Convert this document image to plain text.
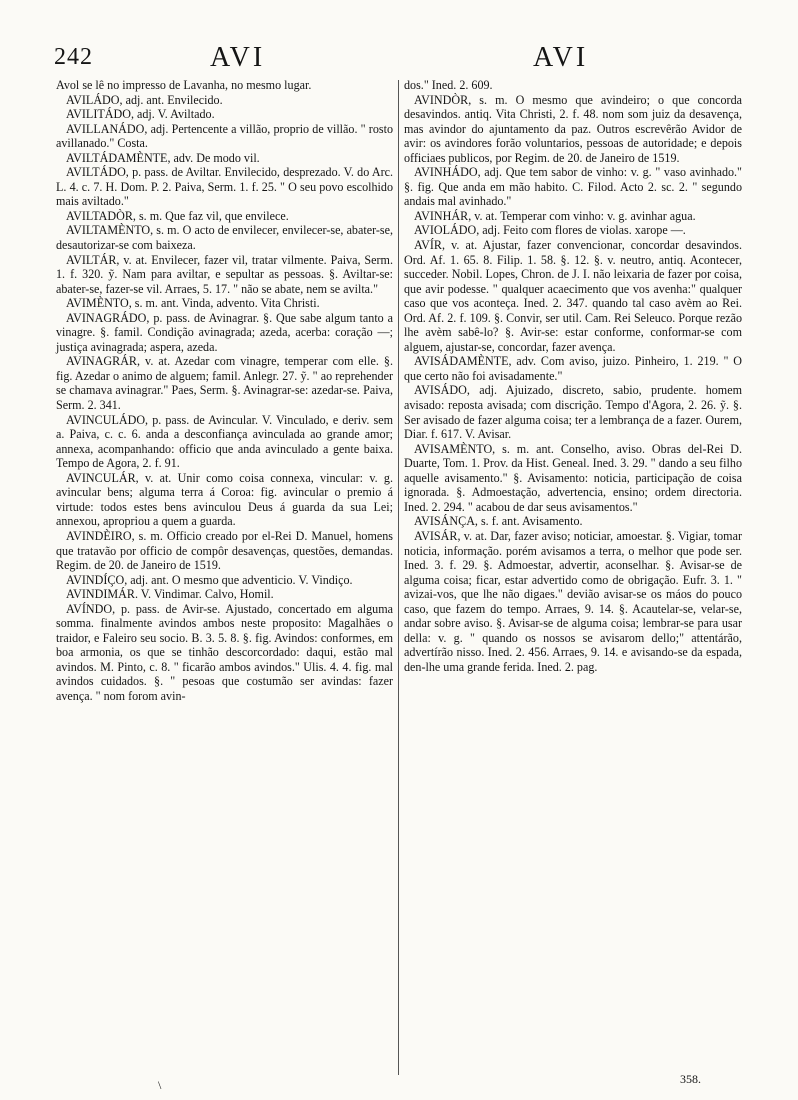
242	AVI	AVI

Avol se lê no impresso de Lavanha, no mesmo lugar.

AVILÁDO, adj. ant. Envilecido.

AVILITÁDO, adj. V. Aviltado.

AVILLANÁDO, adj. Pertencente a villão, proprio de villão. " rosto avillanado." Costa.

AVILTÁDAMÈNTE, adv. De modo vil.

AVILTÁDO, p. pass. de Aviltar. Envilecido, desprezado. V. do Arc. L. 4. c. 7. H. Dom. P. 2. Paiva, Serm. 1. f. 25. " O seu povo escolhido mais aviltado."

AVILTADÒR, s. m. Que faz vil, que envilece.

AVILTAMÈNTO, s. m. O acto de envilecer, envilecer-se, abater-se, desautorizar-se com baixeza.

AVILTÁR, v. at. Envilecer, fazer vil, tratar vilmente. Paiva, Serm. 1. f. 320. ỹ. Nam para aviltar, e sepultar as pessoas. §. Aviltar-se: abater-se, fazer-se vil. Arraes, 5. 17. " não se abate, nem se avilta."

AVIMÈNTO, s. m. ant. Vinda, advento. Vita Christi.

AVINAGRÁDO, p. pass. de Avinagrar. §. Que sabe algum tanto a vinagre. §. famil. Condição avinagrada; azeda, acerba: coração —; justiça avinagrada; aspera, azeda.

AVINAGRÁR, v. at. Azedar com vinagre, temperar com elle. §. fig. Azedar o animo de alguem; famil. Anlegr. 27. ỹ. " ao reprehender se chamava avinagrar." Paes, Serm. §. Avinagrar-se: azedar-se. Paiva, Serm. 2. 341.

AVINCULÁDO, p. pass. de Avincular. V. Vinculado, e deriv. sem a. Paiva, c. c. 6. anda a desconfiança avinculada ao grande amor; annexa, acompanhando: officio que anda avinculado a gente baixa. Tempo de Agora, 2. f. 91.

AVINCULÁR, v. at. Unir como coisa connexa, vincular: v. g. avincular bens; alguma terra á Coroa: fig. avincular o premio á virtude: todos estes bens avinculou Deus á guarda da sua Lei; annexou, apropriou a quem a guarda.

AVINDÈIRO, s. m. Officio creado por el-Rei D. Manuel, homens que tratavão por officio de compôr desavenças, questões, demandas. Regim. de 20. de Janeiro de 1519.

AVINDÍÇO, adj. ant. O mesmo que adventicio. V. Vindiço.

AVINDIMÁR. V. Vindimar. Calvo, Homil.

AVÍNDO, p. pass. de Avir-se. Ajustado, concertado em alguma somma. finalmente avindos ambos neste proposito: Magalhães o traidor, e Faleiro seu socio. B. 3. 5. 8. §. fig. Avindos: conformes, em boa armonia, os que se tinhão descorcordado: daqui, estão mal avindos. M. Pinto, c. 8. " ficarão ambos avindos." Ulis. 4. 4. fig. mal avindos cuidados. §. " pesoas que costumão ser avindas: fazer avença. " nom forom avin-

dos." Ined. 2. 609.

AVINDÒR, s. m. O mesmo que avindeiro; o que concorda desavindos. antiq. Vita Christi, 2. f. 48. nom som juiz da desavença, mas avindor do ajuntamento da paz. Outros escrevêrão Avidor de avir: os avindores forão voluntarios, pessoas de autoridade; e depois officiaes publicos, por Regim. de 20. de Janeiro de 1519.

AVINHÁDO, adj. Que tem sabor de vinho: v. g. " vaso avinhado." §. fig. Que anda em mão habito. C. Filod. Acto 2. sc. 2. " segundo andais mal avinhado."

AVINHÁR, v. at. Temperar com vinho: v. g. avinhar agua.

AVIOLÁDO, adj. Feito com flores de violas. xarope —.

AVÍR, v. at. Ajustar, fazer convencionar, concordar desavindos. Ord. Af. 1. 65. 8. Filip. 1. 58. §. 12. §. v. neutro, antiq. Acontecer, succeder. Nobil. Lopes, Chron. de J. I. não leixaria de fazer por coisa, que avir podesse. " qualquer acaecimento que vos avenha:" qualquer caso que vos aconteça. Ined. 2. 347. quando tal caso avèm ao Rei. Ord. Af. 2. f. 109. §. Convir, ser util. Cam. Rei Seleuco. Porque rezão lhe avèm sabê-lo? §. Avir-se: estar conforme, conformar-se com alguem, ajustar-se, concordar, fazer avença.

AVISÁDAMÈNTE, adv. Com aviso, juizo. Pinheiro, 1. 219. " O que certo não foi avisadamente."

AVISÁDO, adj. Ajuizado, discreto, sabio, prudente. homem avisado: reposta avisada; com discrição. Tempo d'Agora, 2. 26. ỹ. §. Ser avisado de fazer alguma coisa; ter a lembrança de a fazer. Ourem, Diar. f. 617. V. Avisar.

AVISAMÈNTO, s. m. ant. Conselho, aviso. Obras del-Rei D. Duarte, Tom. 1. Prov. da Hist. Geneal. Ined. 3. 29. " dando a seu filho aquelle avisamento." §. Avisamento: noticia, participação de coisa ignorada. §. Admoestação, advertencia, ensino; ordem directoria. Ined. 2. 294. " acabou de dar seus avisamentos."

AVISÁNÇA, s. f. ant. Avisamento.

AVISÁR, v. at. Dar, fazer aviso; noticiar, amoestar. §. Vigiar, tomar noticia, informação. porém avisamos a terra, o melhor que pode ser. Ined. 3. f. 29. §. Admoestar, advertir, aconselhar. §. Avisar-se de alguma coisa; ficar, estar advertido como de obrigação. Eufr. 3. 1. " avizai-vos, que lhe não digaes." devião avisar-se os máos do pouco caso, que fazem do tempo. Arraes, 9. 14. §. Acautelar-se, velar-se, andar sobre aviso. §. Avisar-se de alguma coisa; lembrar-se para usar della: v. g. " quando os nossos se avisarom dello;" attentárão, advertírão nisso. Ined. 2. 456. Arraes, 9. 14. e avisando-se da espada, den-lhe uma grande ferida. Ined. 2. pag.

\	358.
